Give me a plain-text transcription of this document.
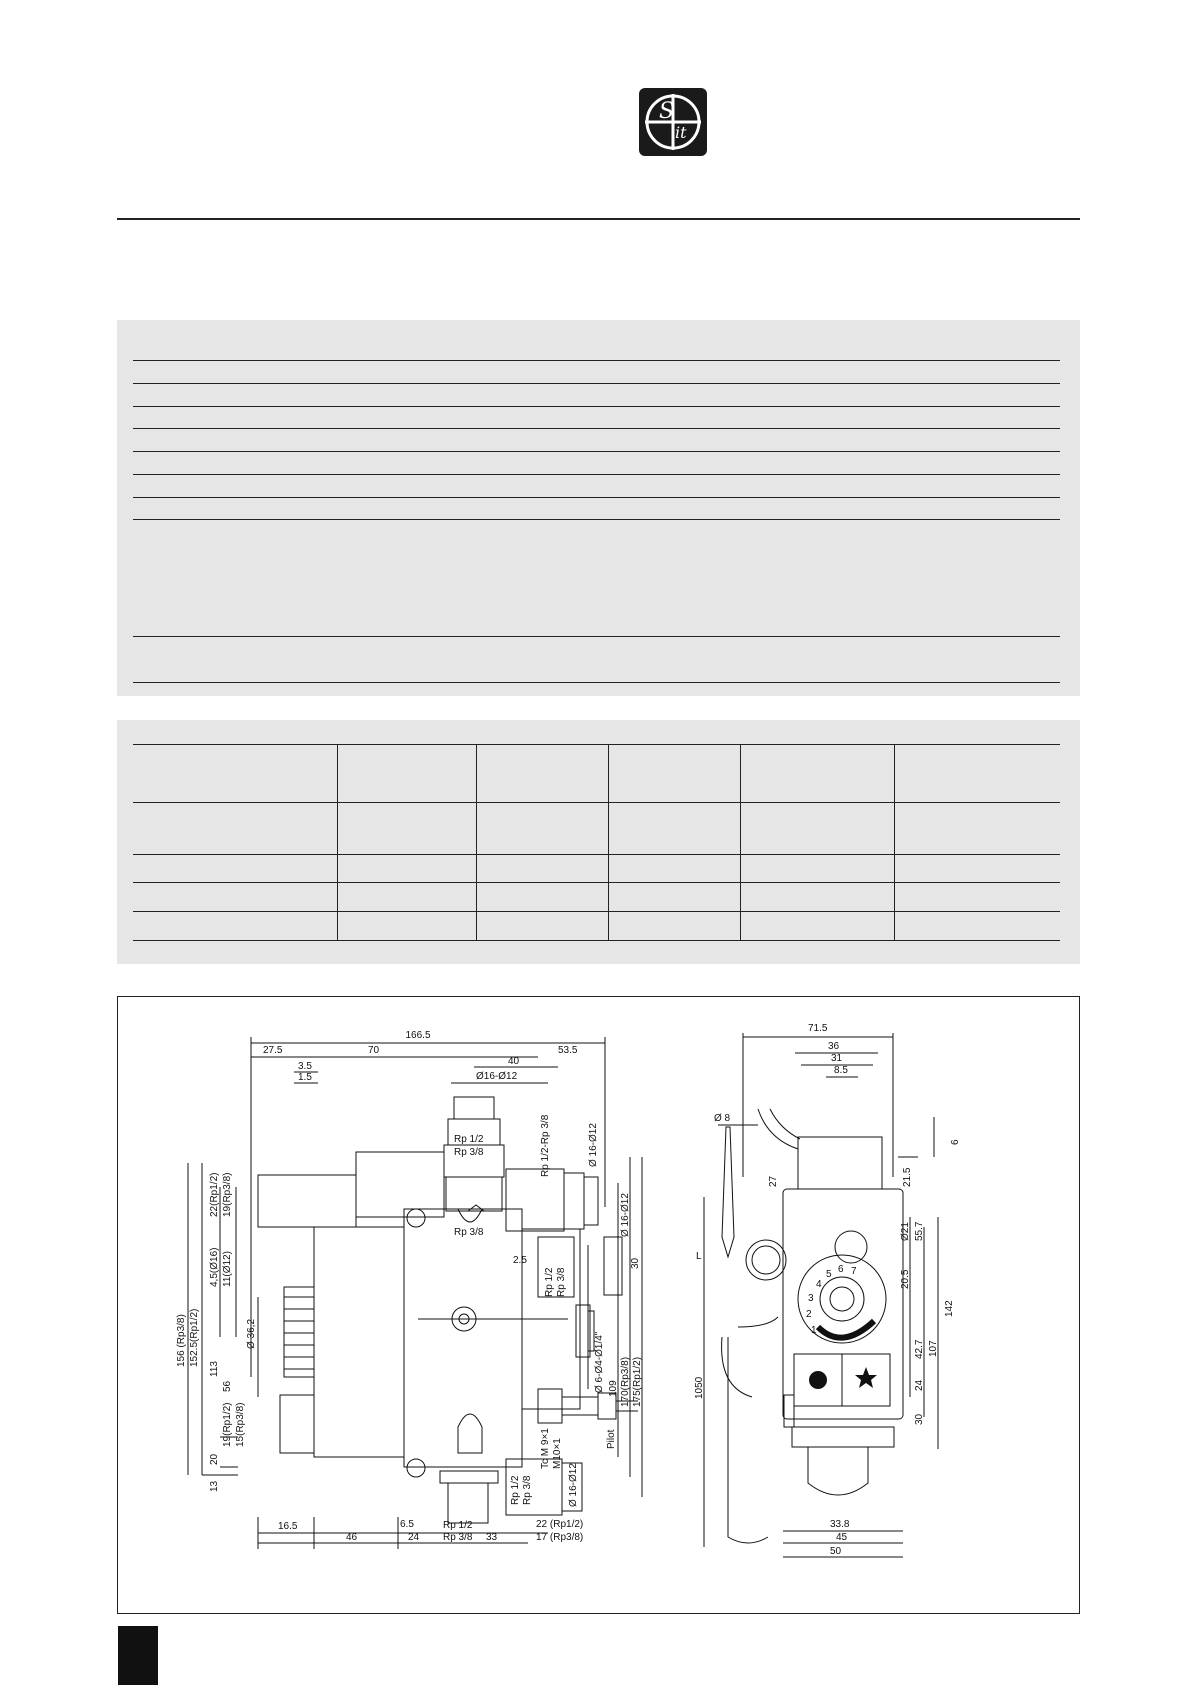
S
it
166.5
27.5	70	53.5
3.5
1.5
40
Ø16-Ø12
Rp 1/2
Rp 3/8
Rp 3/8
Rp 1/2-Rp 3/8	Ø 16-Ø12
Ø 16-Ø12
30
2.5
Rp 1/2 Rp 3/8
Ø 36,2
22(Rp1/2) 19(Rp3/8)
4,5(Ø16) 11(Ø12)
156 (Rp3/8) 152.5(Rp1/2)
113
56
19(Rp1/2) 15(Rp3/8)
20
13
170(Rp3/8) 175(Rp1/2)
109
Ø 6-Ø4-Ø1/4"
Pilot
Tc M 9×1 M10×1
Ø 16-Ø12
Rp 1/2 Rp 3/8
Rp 1/2
Rp 3/8
16.5
46
6.5
24	33
22 (Rp1/2)
17 (Rp3/8)
71.5
36
31
8.5
Ø 8
6
27	21.5
Ø21 55.7
20.5
142
107
42.7
24
30
L
1050
33.8
45
50
1
2
3
4
5 6 7
